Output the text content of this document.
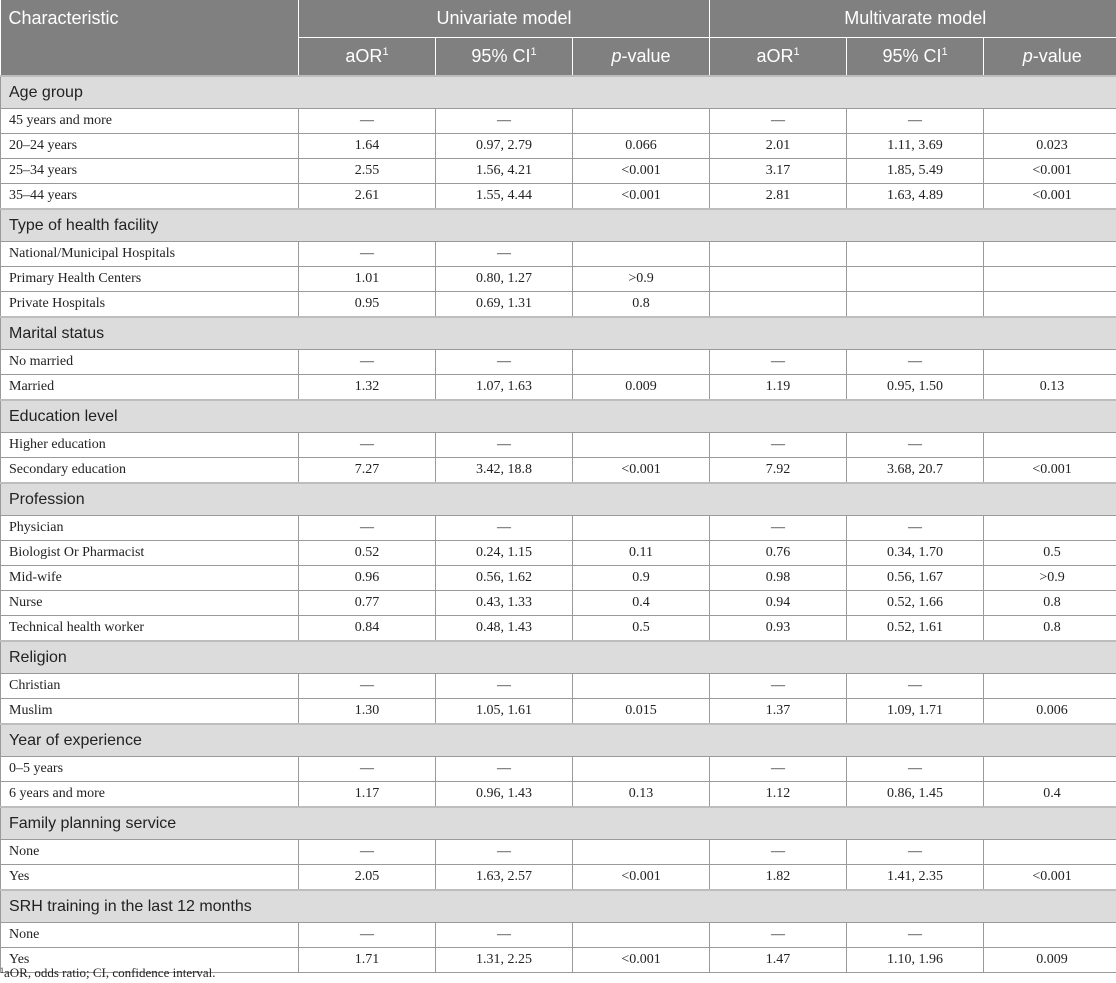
Characteristic	Univariate model			Multivarate model		
	aOR$^1$	95% $CI^1$	p-value	aOR$^1$	95% $CI^1$	p-value
Age group						
45 years and more	—	—		—	—	
20–24 years	1.64	0.97, 2.79	0.066	2.01	1.11, 3.69	0.023
25–34 years	2.55	1.56, 4.21	<0.001	3.17	1.85, 5.49	<0.001
35–44 years	2.61	1.55, 4.44	<0.001	2.81	1.63, 4.89	<0.001
Type of health facility						
National/Municipal Hospitals	—	—				
Primary Health Centers	1.01	0.80, 1.27	>0.9			
Private Hospitals	0.95	0.69, 1.31	0.8			
Marital status						
No married	—	—		—	—	
Married	1.32	1.07, 1.63	0.009	1.19	0.95, 1.50	0.13
Education level						
Higher education	—	—		—	—	
Secondary education	7.27	3.42, 18.8	<0.001	7.92	3.68, 20.7	<0.001
Profession						
Physician	—	—		—	—	
Biologist Or Pharmacist	0.52	0.24, 1.15	0.11	0.76	0.34, 1.70	0.5
Mid-wife	0.96	0.56, 1.62	0.9	0.98	0.56, 1.67	>0.9
Nurse	0.77	0.43, 1.33	0.4	0.94	0.52, 1.66	0.8
Technical health worker	0.84	0.48, 1.43	0.5	0.93	0.52, 1.61	0.8
Religion						
Christian	—	—		—	—	
Muslim	1.30	1.05, 1.61	0.015	1.37	1.09, 1.71	0.006
Year of experience						
0–5 years	—	—		—	—	
6 years and more	1.17	0.96, 1.43	0.13	1.12	0.86, 1.45	0.4
Family planning service						
None	—	—		—	—	
Yes	2.05	1.63, 2.57	<0.001	1.82	1.41, 2.35	<0.001
SRH training in the last 12 months						
None	—	—		—	—	
Yes	1.71	1.31, 2.25	<0.001	1.47	1.10, 1.96	0.009
$^1$aOR, odds ratio; CI, confidence interval.
